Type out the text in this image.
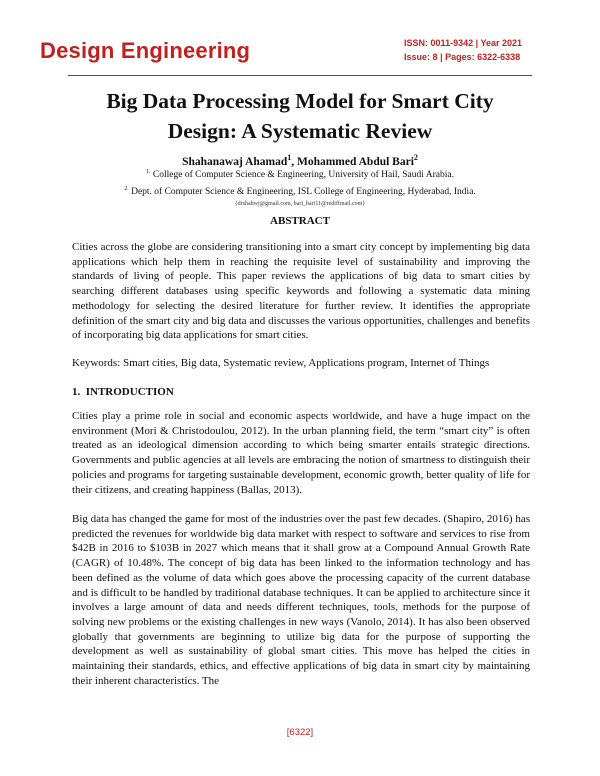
Design Engineering	ISSN: 0011-9342 | Year 2021
Issue: 8 | Pages: 6322-6338
Big Data Processing Model for Smart City
Design: A Systematic Review
Shahanawaj Ahamad$^1$, Mohammed Abdul Bari$^2$
$^{1.}$ College of Computer Science & Engineering, University of Hail, Saudi Arabia.
$^{2.}$ Dept. of Computer Science & Engineering, ISL College of Engineering, Hyderabad, India.
{drshahwj@gmail.com, bari_bari11@rediffmail.com}
ABSTRACT

Cities across the globe are considering transitioning into a smart city concept by implementing big data applications which help them in reaching the requisite level of sustainability and improving the standards of living of people. This paper reviews the applications of big data to smart cities by searching different databases using specific keywords and following a systematic data mining methodology for selecting the desired literature for further review. It identifies the appropriate definition of the smart city and big data and discusses the various opportunities, challenges and benefits of incorporating big data applications for smart cities.

Keywords: Smart cities, Big data, Systematic review, Applications program, Internet of Things

1.  INTRODUCTION

Cities play a prime role in social and economic aspects worldwide, and have a huge impact on the environment (Mori & Christodoulou, 2012). In the urban planning field, the term “smart city” is often treated as an ideological dimension according to which being smarter entails strategic directions. Governments and public agencies at all levels are embracing the notion of smartness to distinguish their policies and programs for targeting sustainable development, economic growth, better quality of life for their citizens, and creating happiness (Ballas, 2013).

Big data has changed the game for most of the industries over the past few decades. (Shapiro, 2016) has predicted the revenues for worldwide big data market with respect to software and services to rise from $42B in 2016 to $103B in 2027 which means that it shall grow at a Compound Annual Growth Rate (CAGR) of 10.48%. The concept of big data has been linked to the information technology and has been defined as the volume of data which goes above the processing capacity of the current database and is difficult to be handled by traditional database techniques. It can be applied to architecture since it involves a large amount of data and needs different techniques, tools, methods for the purpose of solving new problems or the existing challenges in new ways (Vanolo, 2014). It has also been observed globally that governments are beginning to utilize big data for the purpose of supporting the development as well as sustainability of global smart cities. This move has helped the cities in maintaining their standards, ethics, and effective applications of big data in smart city by maintaining their inherent characteristics. The

[6322]
